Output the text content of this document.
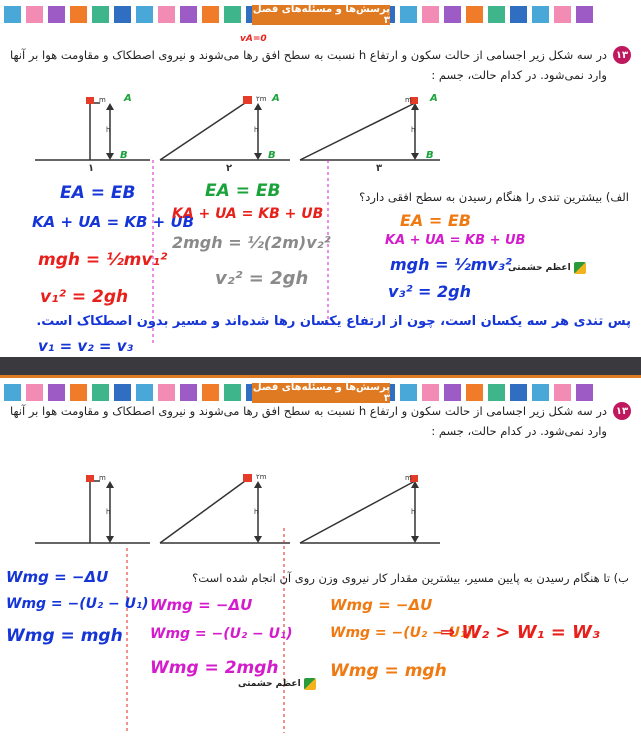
پرسش‌ها و مسئله‌های فصل ۳
۱۳
در سه شکل زیر اجسامی از حالت سکون و ارتفاع h نسبت به سطح افق رها می‌شوند و نیروی اصطکاک و مقاومت هوا بر آنها
وارد نمی‌شود. در کدام حالت، جسم :
vA=0
m
h
A
B
۱
۲m
h
A
B
۲
m
h
A
B
۳
الف) بیشترین تندی را هنگام رسیدن به سطح افقی دارد؟
EA = EB
KA + UA = KB + UB
mgh = ½mv₁²
v₁² = 2gh
EA = EB
KA + UA = KB + UB
2mgh = ½(2m)v₂²
v₂² = 2gh
EA = EB
KA + UA = KB + UB
mgh = ½mv₃²
v₃² = 2gh
اعظم حشمتی
پس تندی هر سه یکسان است، چون از ارتفاع یکسان رها شده‌اند و مسیر بدون اصطکاک است.
v₁ = v₂ = v₃
پرسش‌ها و مسئله‌های فصل ۳
۱۳
در سه شکل زیر اجسامی از حالت سکون و ارتفاع h نسبت به سطح افق رها می‌شوند و نیروی اصطکاک و مقاومت هوا بر آنها
وارد نمی‌شود. در کدام حالت، جسم :
m
h
۲m
h
m
h
ب) تا هنگام رسیدن به پایین مسیر، بیشترین مقدار کار نیروی وزن روی آن انجام شده است؟
Wmg = −ΔU
Wmg = −(U₂ − U₁)
Wmg = mgh
Wmg = −ΔU
Wmg = −(U₂ − U₁)
Wmg = 2mgh
Wmg = −ΔU
Wmg = −(U₂ − U₁)
Wmg = mgh
⇒ W₂ > W₁ = W₃
اعظم حشمتی
